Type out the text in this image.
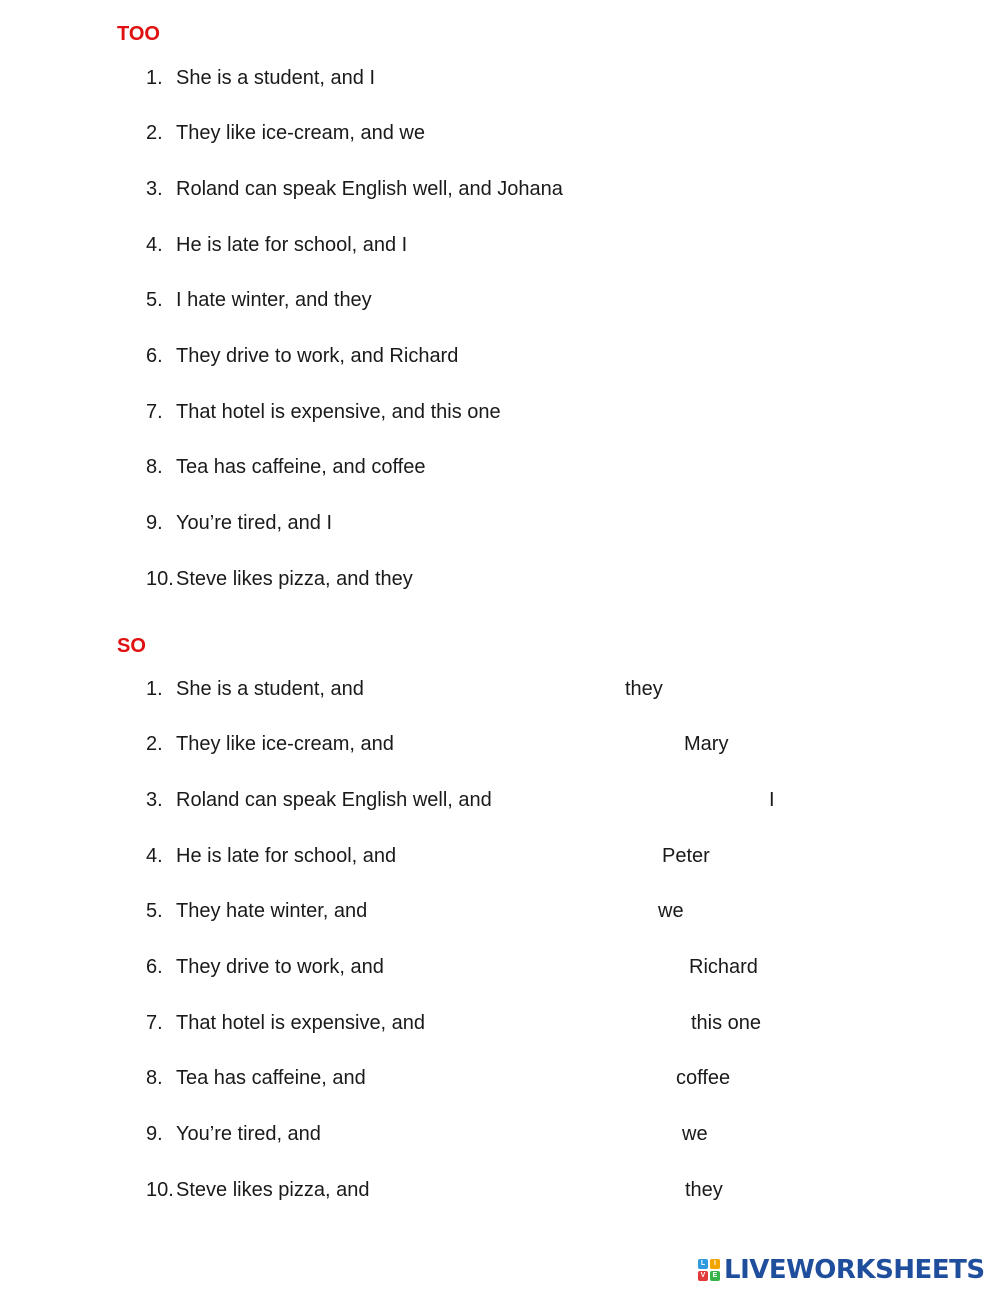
TOO
1. She is a student, and I
2. They like ice-cream, and we
3. Roland can speak English well, and Johana
4. He is late for school, and I
5. I hate winter, and they
6. They drive to work, and Richard
7. That hotel is expensive, and this one
8. Tea has caffeine, and coffee
9. You’re tired, and I
10. Steve likes pizza, and they
SO
1. She is a student, and	they
2. They like ice-cream, and	Mary
3. Roland can speak English well, and	I
4. He is late for school, and	Peter
5. They hate winter, and	we
6. They drive to work, and	Richard
7. That hotel is expensive, and	this one
8. Tea has caffeine, and	coffee
9. You’re tired, and	we
10. Steve likes pizza, and	they
L	I
V	E LIVEWORKSHEETS
